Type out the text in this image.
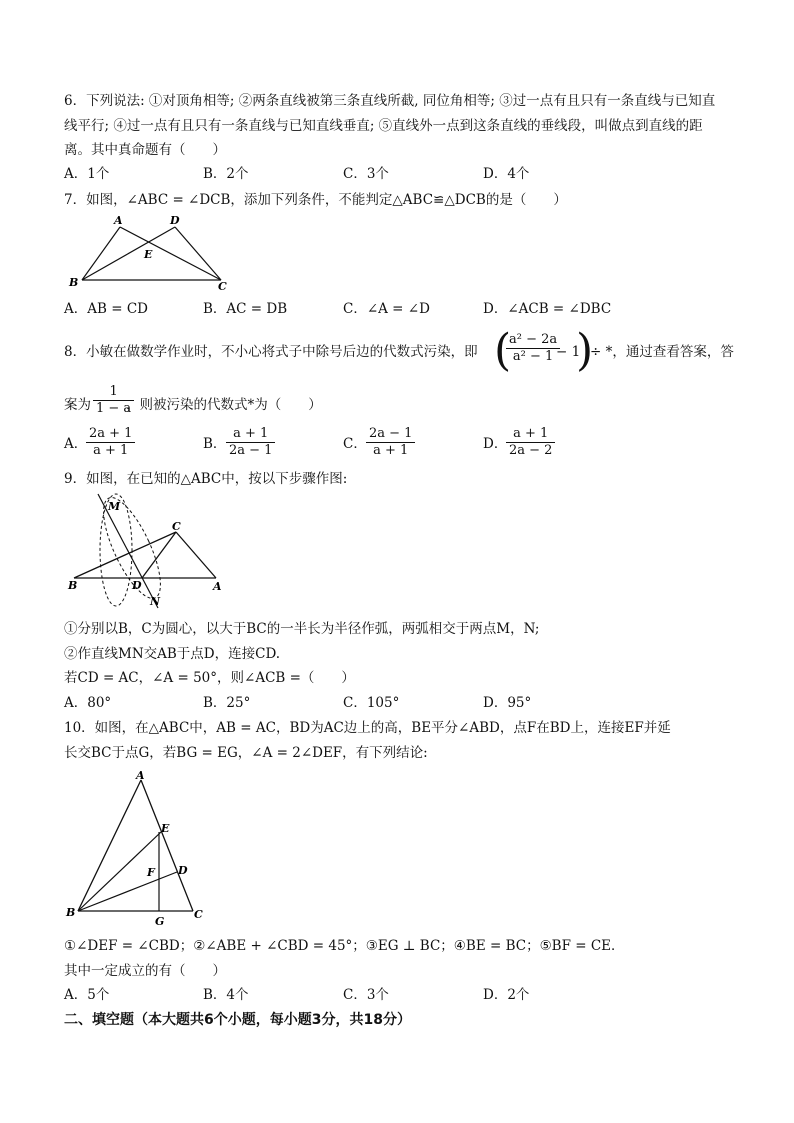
6．下列说法: ①对顶角相等; ②两条直线被第三条直线所截, 同位角相等; ③过一点有且只有一条直线与已知直
线平行; ④过一点有且只有一条直线与已知直线垂直; ⑤直线外一点到这条直线的垂线段，叫做点到直线的距
离。其中真命题有（　　）
A．1个	B．2个	C．3个	D．4个
7．如图，∠ABC = ∠DCB，添加下列条件，不能判定△ABC≌△DCB的是（　　）
A	D
E
B	C
A．AB = CD	B．AC = DB	C．∠A = ∠D	D．∠ACB = ∠DBC
8．小敏在做数学作业时，不小心将式子中除号后边的代数式污染，即 (
$\frac{\text{a² − 2a}}{\text{a² − 1}}$
− 1
)
÷ *，通过查看答案，答
案为 $\frac{1}{1 - a}$
，则被污染的代数式*为（　　）
A．
$\frac{2a + 1}{a + 1}$	B． $\frac{a + 1}{2a - 1}$	C． $\frac{2a - 1}{a + 1}$	D．
$\frac{a + 1}{2a - 2}$
9．如图，在已知的△ABC中，按以下步骤作图:
M
C
B	D	A
N
①分别以B，C为圆心，以大于BC的一半长为半径作弧，两弧相交于两点M，N;
②作直线MN交AB于点D，连接CD.
若CD = AC，∠A = 50°，则∠ACB =（　　）
A．80°	B．25°	C．105°	D．95°
10．如图，在△ABC中，AB = AC，BD为AC边上的高，BE平分∠ABD，点F在BD上，连接EF并延
长交BC于点G，若BG = EG，∠A = 2∠DEF，有下列结论:
A
E
F D
B
G
C
①∠DEF = ∠CBD；②∠ABE + ∠CBD = 45°；③EG ⊥ BC；④BE = BC；⑤BF = CE．
其中一定成立的有（　　）
A．5个	B．4个	C．3个	D．2个
二、填空题（本大题共6个小题，每小题3分，共18分）
